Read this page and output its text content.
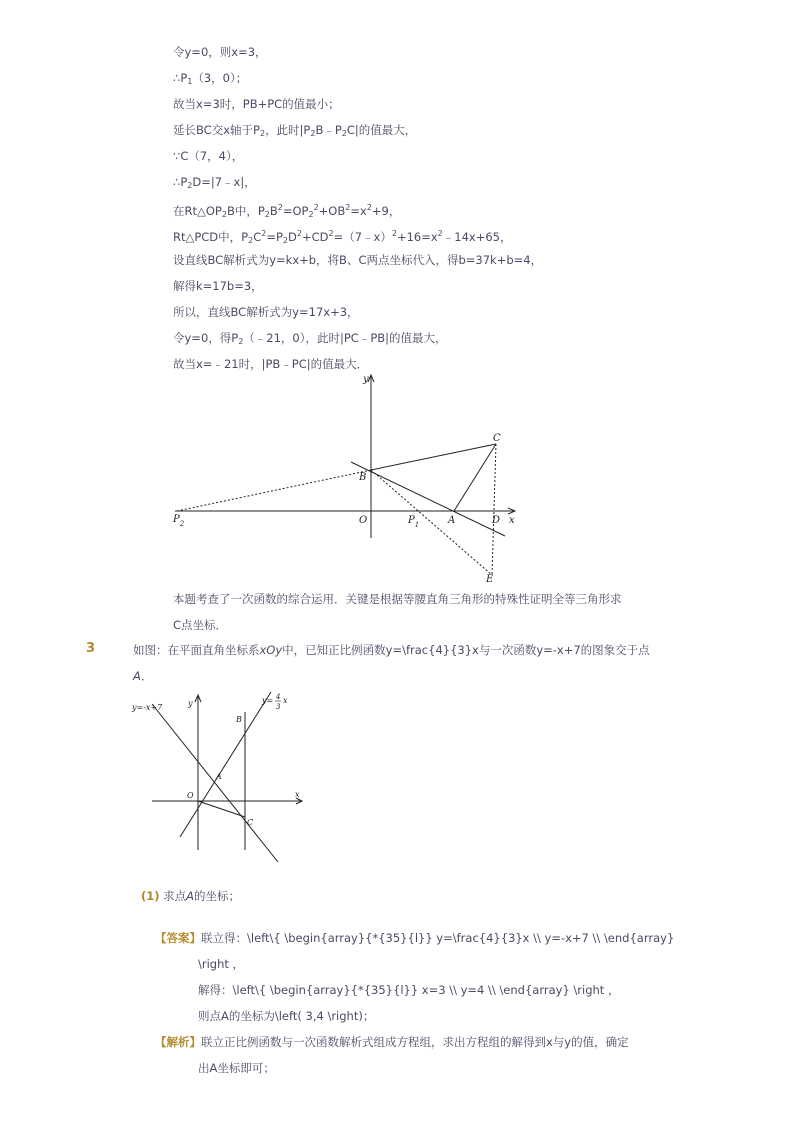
令y=0，则x=3，
$\therefore P_1(3$，0）；
故当x=3时，PB+PC的值最小；
延长BC交x轴于$P_2$，此时$|P_2B﹣P_2C|$的值最大，
∵C（7，4），
$\therefore P_2D=|7﹣x|$，
在$Rt\triangle OP_2B$中，$P_2B^2=OP_2^2+OB^2=x^2+9$，
Rt△PCD中，$P_2C^2=P_2D^2+CD^2=(7﹣x)^2+16=x^2﹣14x+65$，
设直线BC解析式为y=kx+b，将B、C两点坐标代入，得b=37k+b=4，
解得k=17b=3，
所以，直线BC解析式为y=17x+3，
令y=0，得$P_2(﹣21$，0），此时|PC﹣PB|的值最大，
故当x=﹣21时，|PB﹣PC|的值最大．
y
C
B
$P_2$	O	$P_1$	A	D x
E
本题考查了一次函数的综合运用．关键是根据等腰直角三角形的特殊性证明全等三角形求
C点坐标．
3	如图：在平面直角坐标系xOy中，已知正比例函数y=\frac{4}{3}x与一次函数y=-x+7的图象交于点
A．
y=-x+7	y
B
y= 4
3
x
A
O	x
C
(1) 求点A的坐标；
【答案】联立得：\left\{ \begin{array}{*{35}{l}} y=\frac{4}{3}x \\ y=-x+7 \\ \end{array}
\right ，
解得：\left\{ \begin{array}{*{35}{l}} x=3 \\ y=4 \\ \end{array} \right ，
则点A的坐标为\left( 3,4 \right)；
【解析】联立正比例函数与一次函数解析式组成方程组，求出方程组的解得到x与y的值，确定
出A坐标即可；
